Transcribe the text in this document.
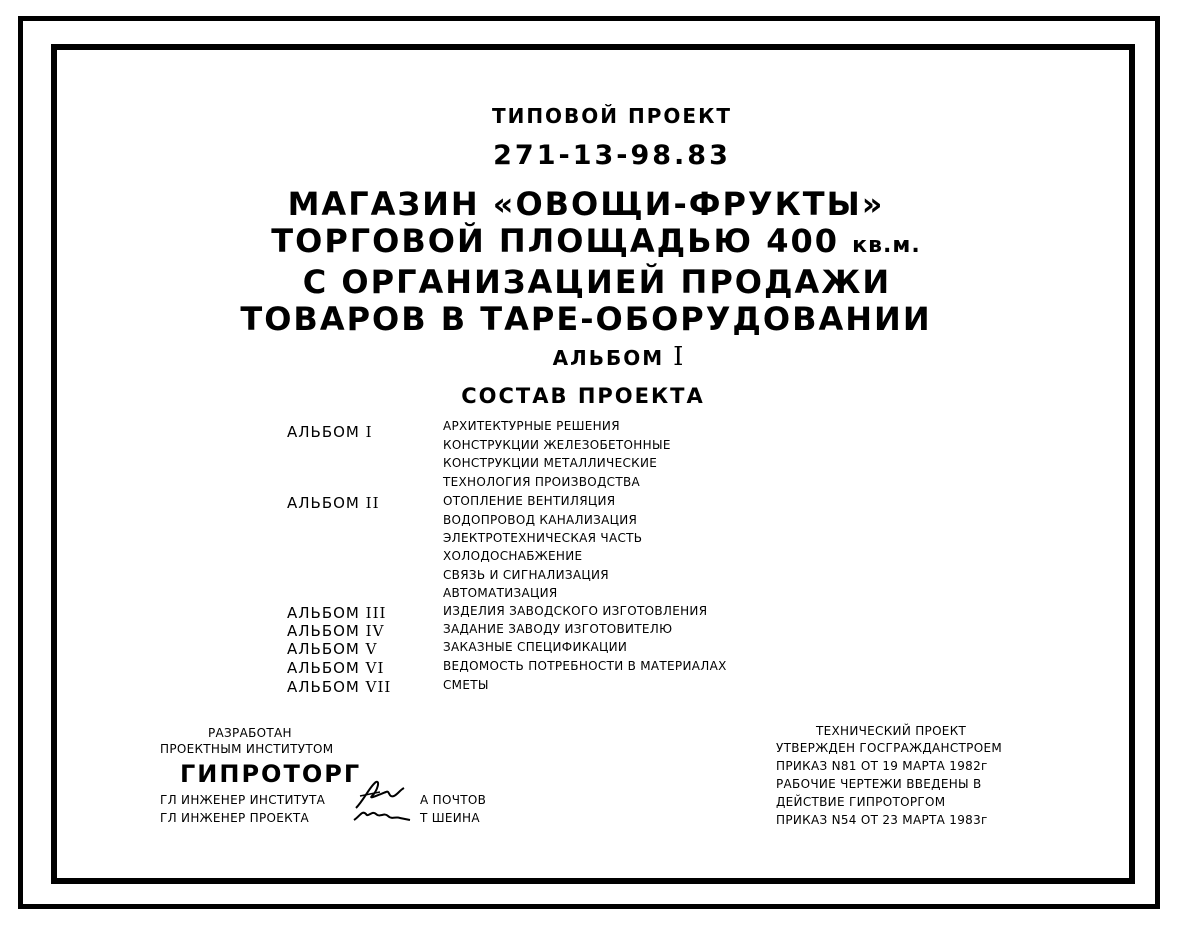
ТИПОВОЙ ПРОЕКТ
271-13-98.83
МАГАЗИН «ОВОЩИ-ФРУКТЫ»
ТОРГОВОЙ ПЛОЩАДЬЮ 400 кв.м.
С ОРГАНИЗАЦИЕЙ ПРОДАЖИ
ТОВАРОВ В ТАРЕ-ОБОРУДОВАНИИ
АЛЬБОМ I
СОСТАВ ПРОЕКТА
АЛЬБОМ I
АЛЬБОМ II
АЛЬБОМ III
АЛЬБОМ IV
АЛЬБОМ V
АЛЬБОМ VI
АЛЬБОМ VII
АРХИТЕКТУРНЫЕ РЕШЕНИЯ
КОНСТРУКЦИИ ЖЕЛЕЗОБЕТОННЫЕ
КОНСТРУКЦИИ МЕТАЛЛИЧЕСКИЕ
ТЕХНОЛОГИЯ ПРОИЗВОДСТВА
ОТОПЛЕНИЕ ВЕНТИЛЯЦИЯ
ВОДОПРОВОД КАНАЛИЗАЦИЯ
ЭЛЕКТРОТЕХНИЧЕСКАЯ ЧАСТЬ
ХОЛОДОСНАБЖЕНИЕ
СВЯЗЬ И СИГНАЛИЗАЦИЯ
АВТОМАТИЗАЦИЯ
ИЗДЕЛИЯ ЗАВОДСКОГО ИЗГОТОВЛЕНИЯ
ЗАДАНИЕ ЗАВОДУ ИЗГОТОВИТЕЛЮ
ЗАКАЗНЫЕ СПЕЦИФИКАЦИИ
ВЕДОМОСТЬ ПОТРЕБНОСТИ В МАТЕРИАЛАХ
СМЕТЫ
РАЗРАБОТАН
ПРОЕКТНЫМ ИНСТИТУТОМ
ГИПРОТОРГ
ГЛ ИНЖЕНЕР ИНСТИТУТА	А ПОЧТОВ
ГЛ ИНЖЕНЕР ПРОЕКТА	Т ШЕИНА
ТЕХНИЧЕСКИЙ ПРОЕКТ
УТВЕРЖДЕН ГОСГРАЖДАНСТРОЕМ
ПРИКАЗ N81 ОТ 19 МАРТА 1982г
РАБОЧИЕ ЧЕРТЕЖИ ВВЕДЕНЫ В
ДЕЙСТВИЕ ГИПРОТОРГОМ
ПРИКАЗ N54 ОТ 23 МАРТА 1983г
